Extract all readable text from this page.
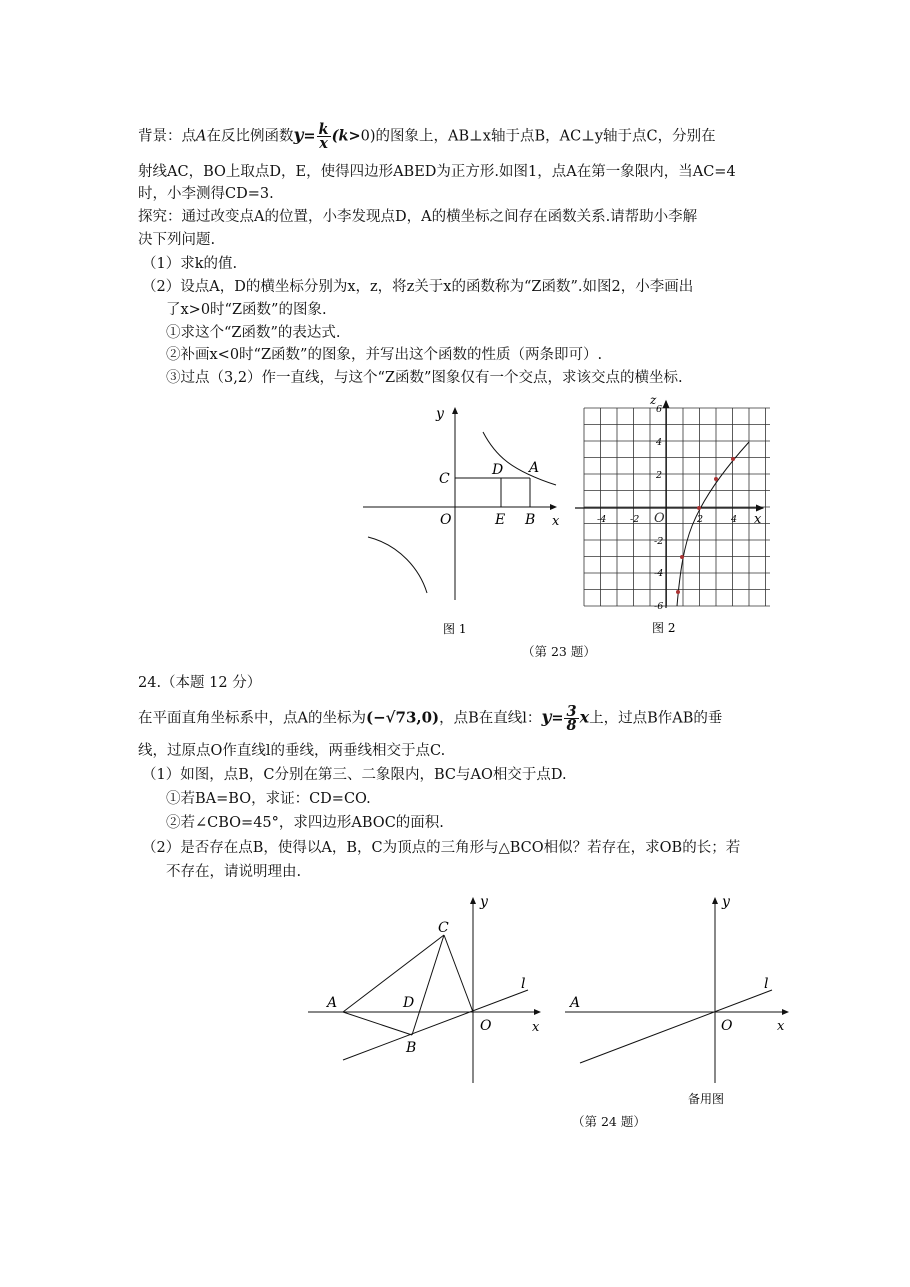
背景：点A在反比例函数$y= \frac{k}{x} (k>0)$的图象上，AB⊥x轴于点B，AC⊥y轴于点C，分别在
射线AC，BO上取点D，E，使得四边形ABED为正方形.如图1，点A在第一象限内，当AC=4
时，小李测得CD=3.
探究：通过改变点A的位置，小李发现点D，A的横坐标之间存在函数关系.请帮助小李解
决下列问题.
（1）求k的值.
（2）设点A，D的横坐标分别为x，z，将z关于x的函数称为“Z函数”.如图2，小李画出
了x>0时“Z函数”的图象.
①求这个“Z函数”的表达式.
②补画x<0时“Z函数”的图象，并写出这个函数的性质（两条即可）.
③过点（3,2）作一直线，与这个“Z函数”图象仅有一个交点，求该交点的横坐标.
y
x
O
C
D A
E B
图 1
z
x
O
-4 -2	2	4
6
4
2
-2
-4
-6
图 2
（第 23 题）
24.（本题 12 分）
在平面直角坐标系中，点A的坐标为(−√73,0)，点B在直线l：$y= \frac{3}{8}$ x上，过点B作AB的垂
线，过原点O作直线l的垂线，两垂线相交于点C.
（1）如图，点B，C分别在第三、二象限内，BC与AO相交于点D.
①若BA=BO，求证：CD=CO.
②若∠CBO=45°，求四边形ABOC的面积.
（2）是否存在点B，使得以A，B，C为顶点的三角形与△BCO相似？若存在，求OB的长；若
不存在，请说明理由.
y
x
O
A
B
C
D
l
y
x
O
A
l
备用图
（第 24 题）
